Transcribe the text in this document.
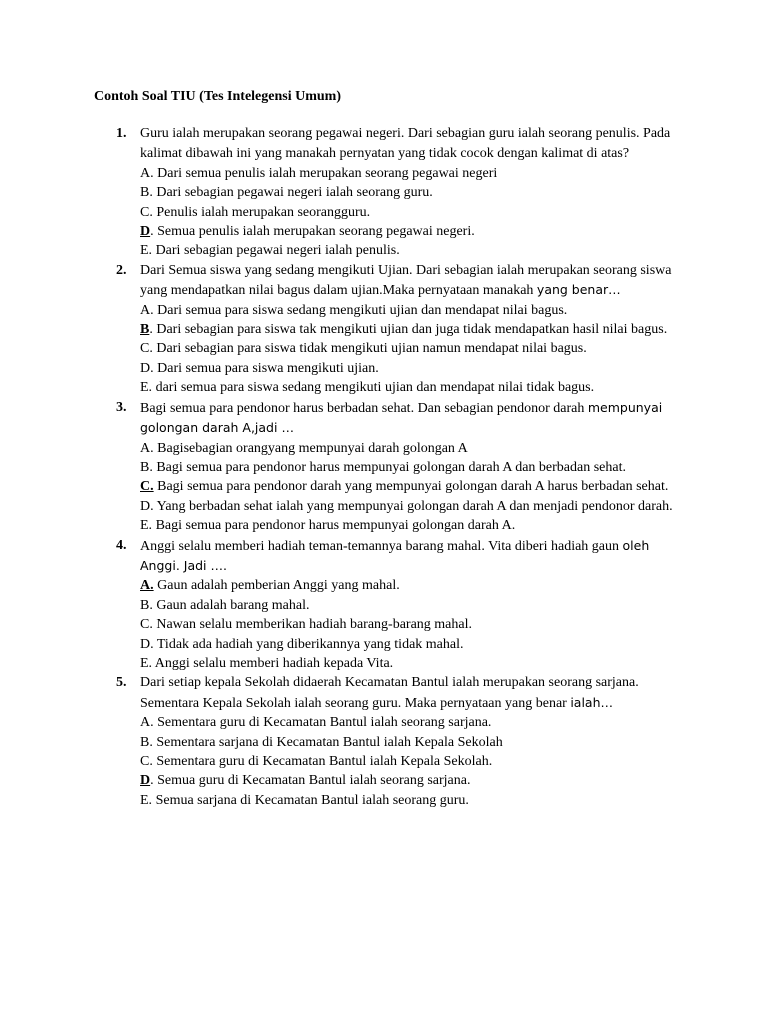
Contoh Soal TIU (Tes Intelegensi Umum)
1. Guru ialah merupakan seorang pegawai negeri. Dari sebagian guru ialah seorang penulis. Pada kalimat dibawah ini yang manakah pernyatan yang tidak cocok dengan kalimat di atas?
A. Dari semua penulis ialah merupakan seorang pegawai negeri
B. Dari sebagian pegawai negeri ialah seorang guru.
C. Penulis ialah merupakan seorangguru.
D. Semua penulis ialah merupakan seorang pegawai negeri.
E. Dari sebagian pegawai negeri ialah penulis.
2. Dari Semua siswa yang sedang mengikuti Ujian. Dari sebagian ialah merupakan seorang siswa yang mendapatkan nilai bagus dalam ujian.Maka pernyataan manakah yang benar…
A. Dari semua para siswa sedang mengikuti ujian dan mendapat nilai bagus.
B. Dari sebagian para siswa tak mengikuti ujian dan juga tidak mendapatkan hasil nilai bagus.
C. Dari sebagian para siswa tidak mengikuti ujian namun mendapat nilai bagus.
D. Dari semua para siswa mengikuti ujian.
E. dari semua para siswa sedang mengikuti ujian dan mendapat nilai tidak bagus.
3. Bagi semua para pendonor harus berbadan sehat. Dan sebagian pendonor darah mempunyai golongan darah A,jadi …
A. Bagisebagian orangyang mempunyai darah golongan A
B. Bagi semua para pendonor harus mempunyai golongan darah A dan berbadan sehat.
C. Bagi semua para pendonor darah yang mempunyai golongan darah A harus berbadan sehat.
D. Yang berbadan sehat ialah yang mempunyai golongan darah A dan menjadi pendonor darah.
E. Bagi semua para pendonor harus mempunyai golongan darah A.
4. Anggi selalu memberi hadiah teman-temannya barang mahal. Vita diberi hadiah gaun oleh Anggi. Jadi ….
A. Gaun adalah pemberian Anggi yang mahal.
B. Gaun adalah barang mahal.
C. Nawan selalu memberikan hadiah barang-barang mahal.
D. Tidak ada hadiah yang diberikannya yang tidak mahal.
E. Anggi selalu memberi hadiah kepada Vita.
5. Dari setiap kepala Sekolah didaerah Kecamatan Bantul ialah merupakan seorang sarjana. Sementara Kepala Sekolah ialah seorang guru. Maka pernyataan yang benar ialah…
A. Sementara guru di Kecamatan Bantul ialah seorang sarjana.
B. Sementara sarjana di Kecamatan Bantul ialah Kepala Sekolah
C. Sementara guru di Kecamatan Bantul ialah Kepala Sekolah.
D. Semua guru di Kecamatan Bantul ialah seorang sarjana.
E. Semua sarjana di Kecamatan Bantul ialah seorang guru.
